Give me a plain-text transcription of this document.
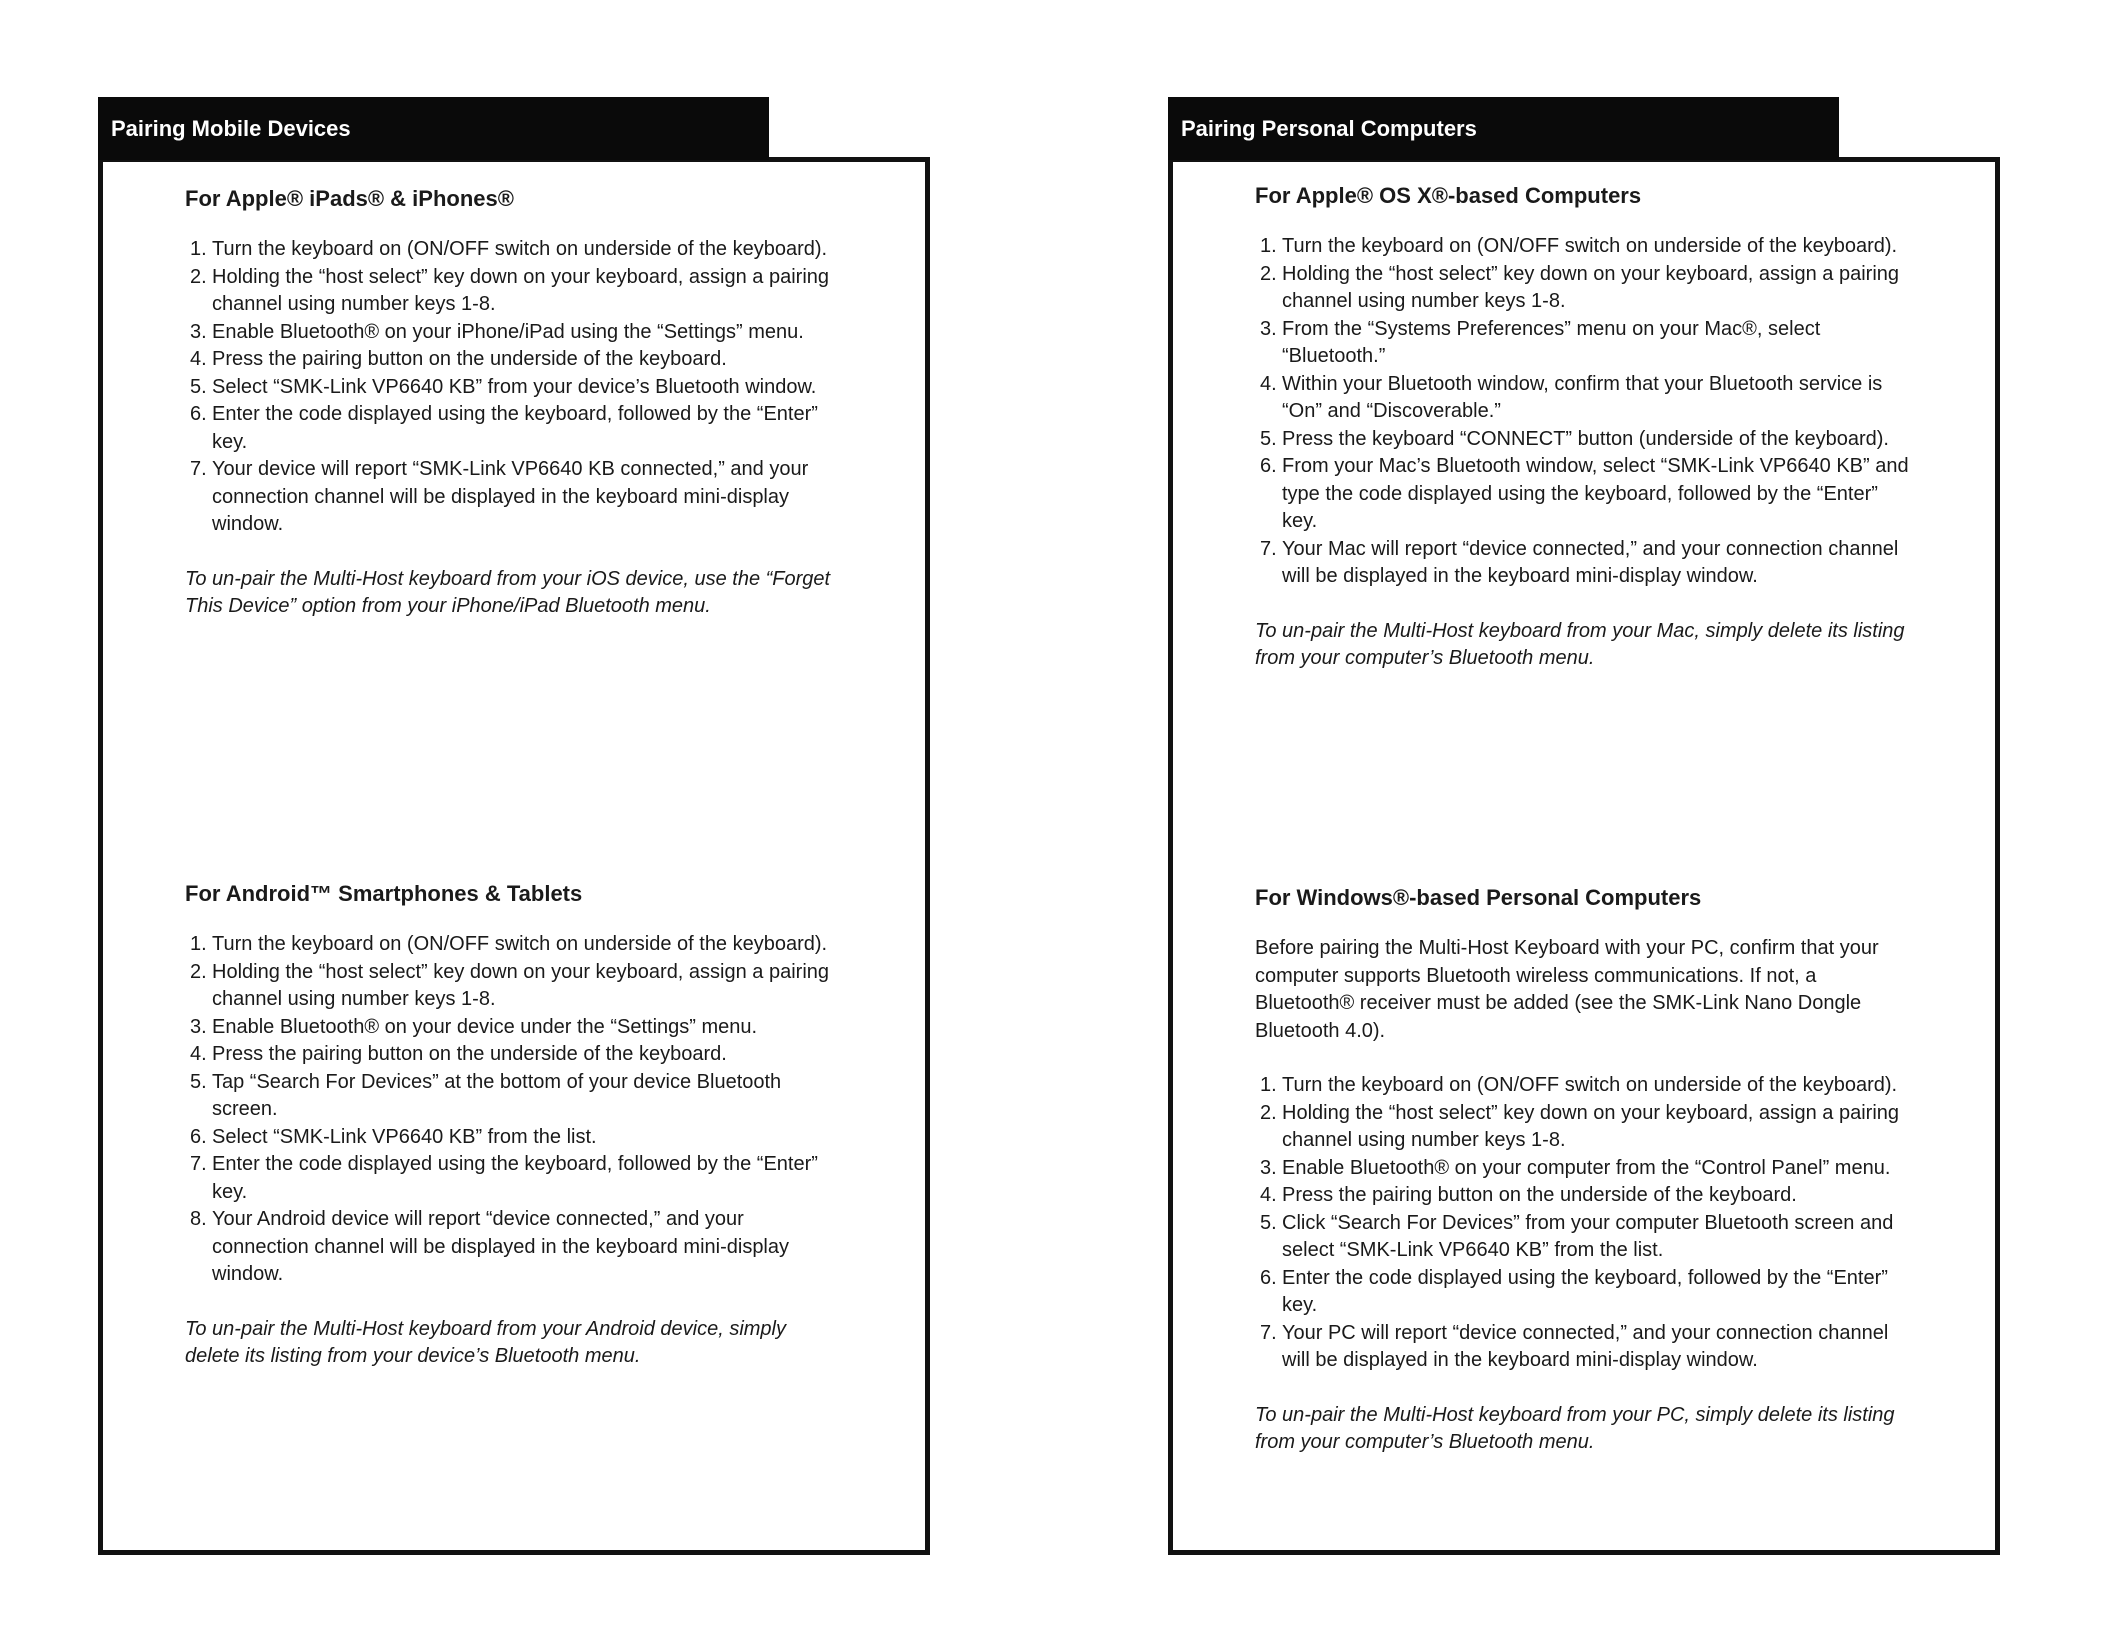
Pairing Mobile Devices
For Apple® iPads® & iPhones®
1. Turn the keyboard on (ON/OFF switch on underside of the keyboard).
2. Holding the “host select” key down on your keyboard, assign a pairing channel using number keys 1-8.
3. Enable Bluetooth® on your iPhone/iPad using the “Settings” menu.
4. Press the pairing button on the underside of the keyboard.
5. Select “SMK-Link VP6640 KB” from your device’s Bluetooth window.
6. Enter the code displayed using the keyboard, followed by the “Enter” key.
7. Your device will report “SMK-Link VP6640 KB connected,” and your connection channel will be displayed in the keyboard mini-display window.
To un-pair the Multi-Host keyboard from your iOS device, use the “Forget This Device” option from your iPhone/iPad Bluetooth menu.
For Android™ Smartphones & Tablets
1. Turn the keyboard on (ON/OFF switch on underside of the keyboard).
2. Holding the “host select” key down on your keyboard, assign a pairing channel using number keys 1-8.
3. Enable Bluetooth® on your device under the “Settings” menu.
4. Press the pairing button on the underside of the keyboard.
5. Tap “Search For Devices” at the bottom of your device Bluetooth screen.
6. Select “SMK-Link VP6640 KB” from the list.
7. Enter the code displayed using the keyboard, followed by the “Enter” key.
8. Your Android device will report “device connected,” and your connection channel will be displayed in the keyboard mini-display window.
To un-pair the Multi-Host keyboard from your Android device, simply delete its listing from your device’s Bluetooth menu.
Pairing Personal Computers
For Apple® OS X®-based Computers
1. Turn the keyboard on (ON/OFF switch on underside of the keyboard).
2. Holding the “host select” key down on your keyboard, assign a pairing channel using number keys 1-8.
3. From the “Systems Preferences” menu on your Mac®, select “Bluetooth.”
4. Within your Bluetooth window, confirm that your Bluetooth service is “On” and “Discoverable.”
5. Press the keyboard “CONNECT” button (underside of the keyboard).
6. From your Mac’s Bluetooth window, select “SMK-Link VP6640 KB” and type the code displayed using the keyboard, followed by the “Enter” key.
7. Your Mac will report “device connected,” and your connection channel will be displayed in the keyboard mini-display window.
To un-pair the Multi-Host keyboard from your Mac, simply delete its listing from your computer’s Bluetooth menu.
For Windows®-based Personal Computers
Before pairing the Multi-Host Keyboard with your PC, confirm that your computer supports Bluetooth wireless communications. If not, a Bluetooth® receiver must be added (see the SMK-Link Nano Dongle Bluetooth 4.0).
1. Turn the keyboard on (ON/OFF switch on underside of the keyboard).
2. Holding the “host select” key down on your keyboard, assign a pairing channel using number keys 1-8.
3. Enable Bluetooth® on your computer from the “Control Panel” menu.
4. Press the pairing button on the underside of the keyboard.
5. Click “Search For Devices” from your computer Bluetooth screen and select “SMK-Link VP6640 KB” from the list.
6. Enter the code displayed using the keyboard, followed by the “Enter” key.
7. Your PC will report “device connected,” and your connection channel will be displayed in the keyboard mini-display window.
To un-pair the Multi-Host keyboard from your PC, simply delete its listing from your computer’s Bluetooth menu.
